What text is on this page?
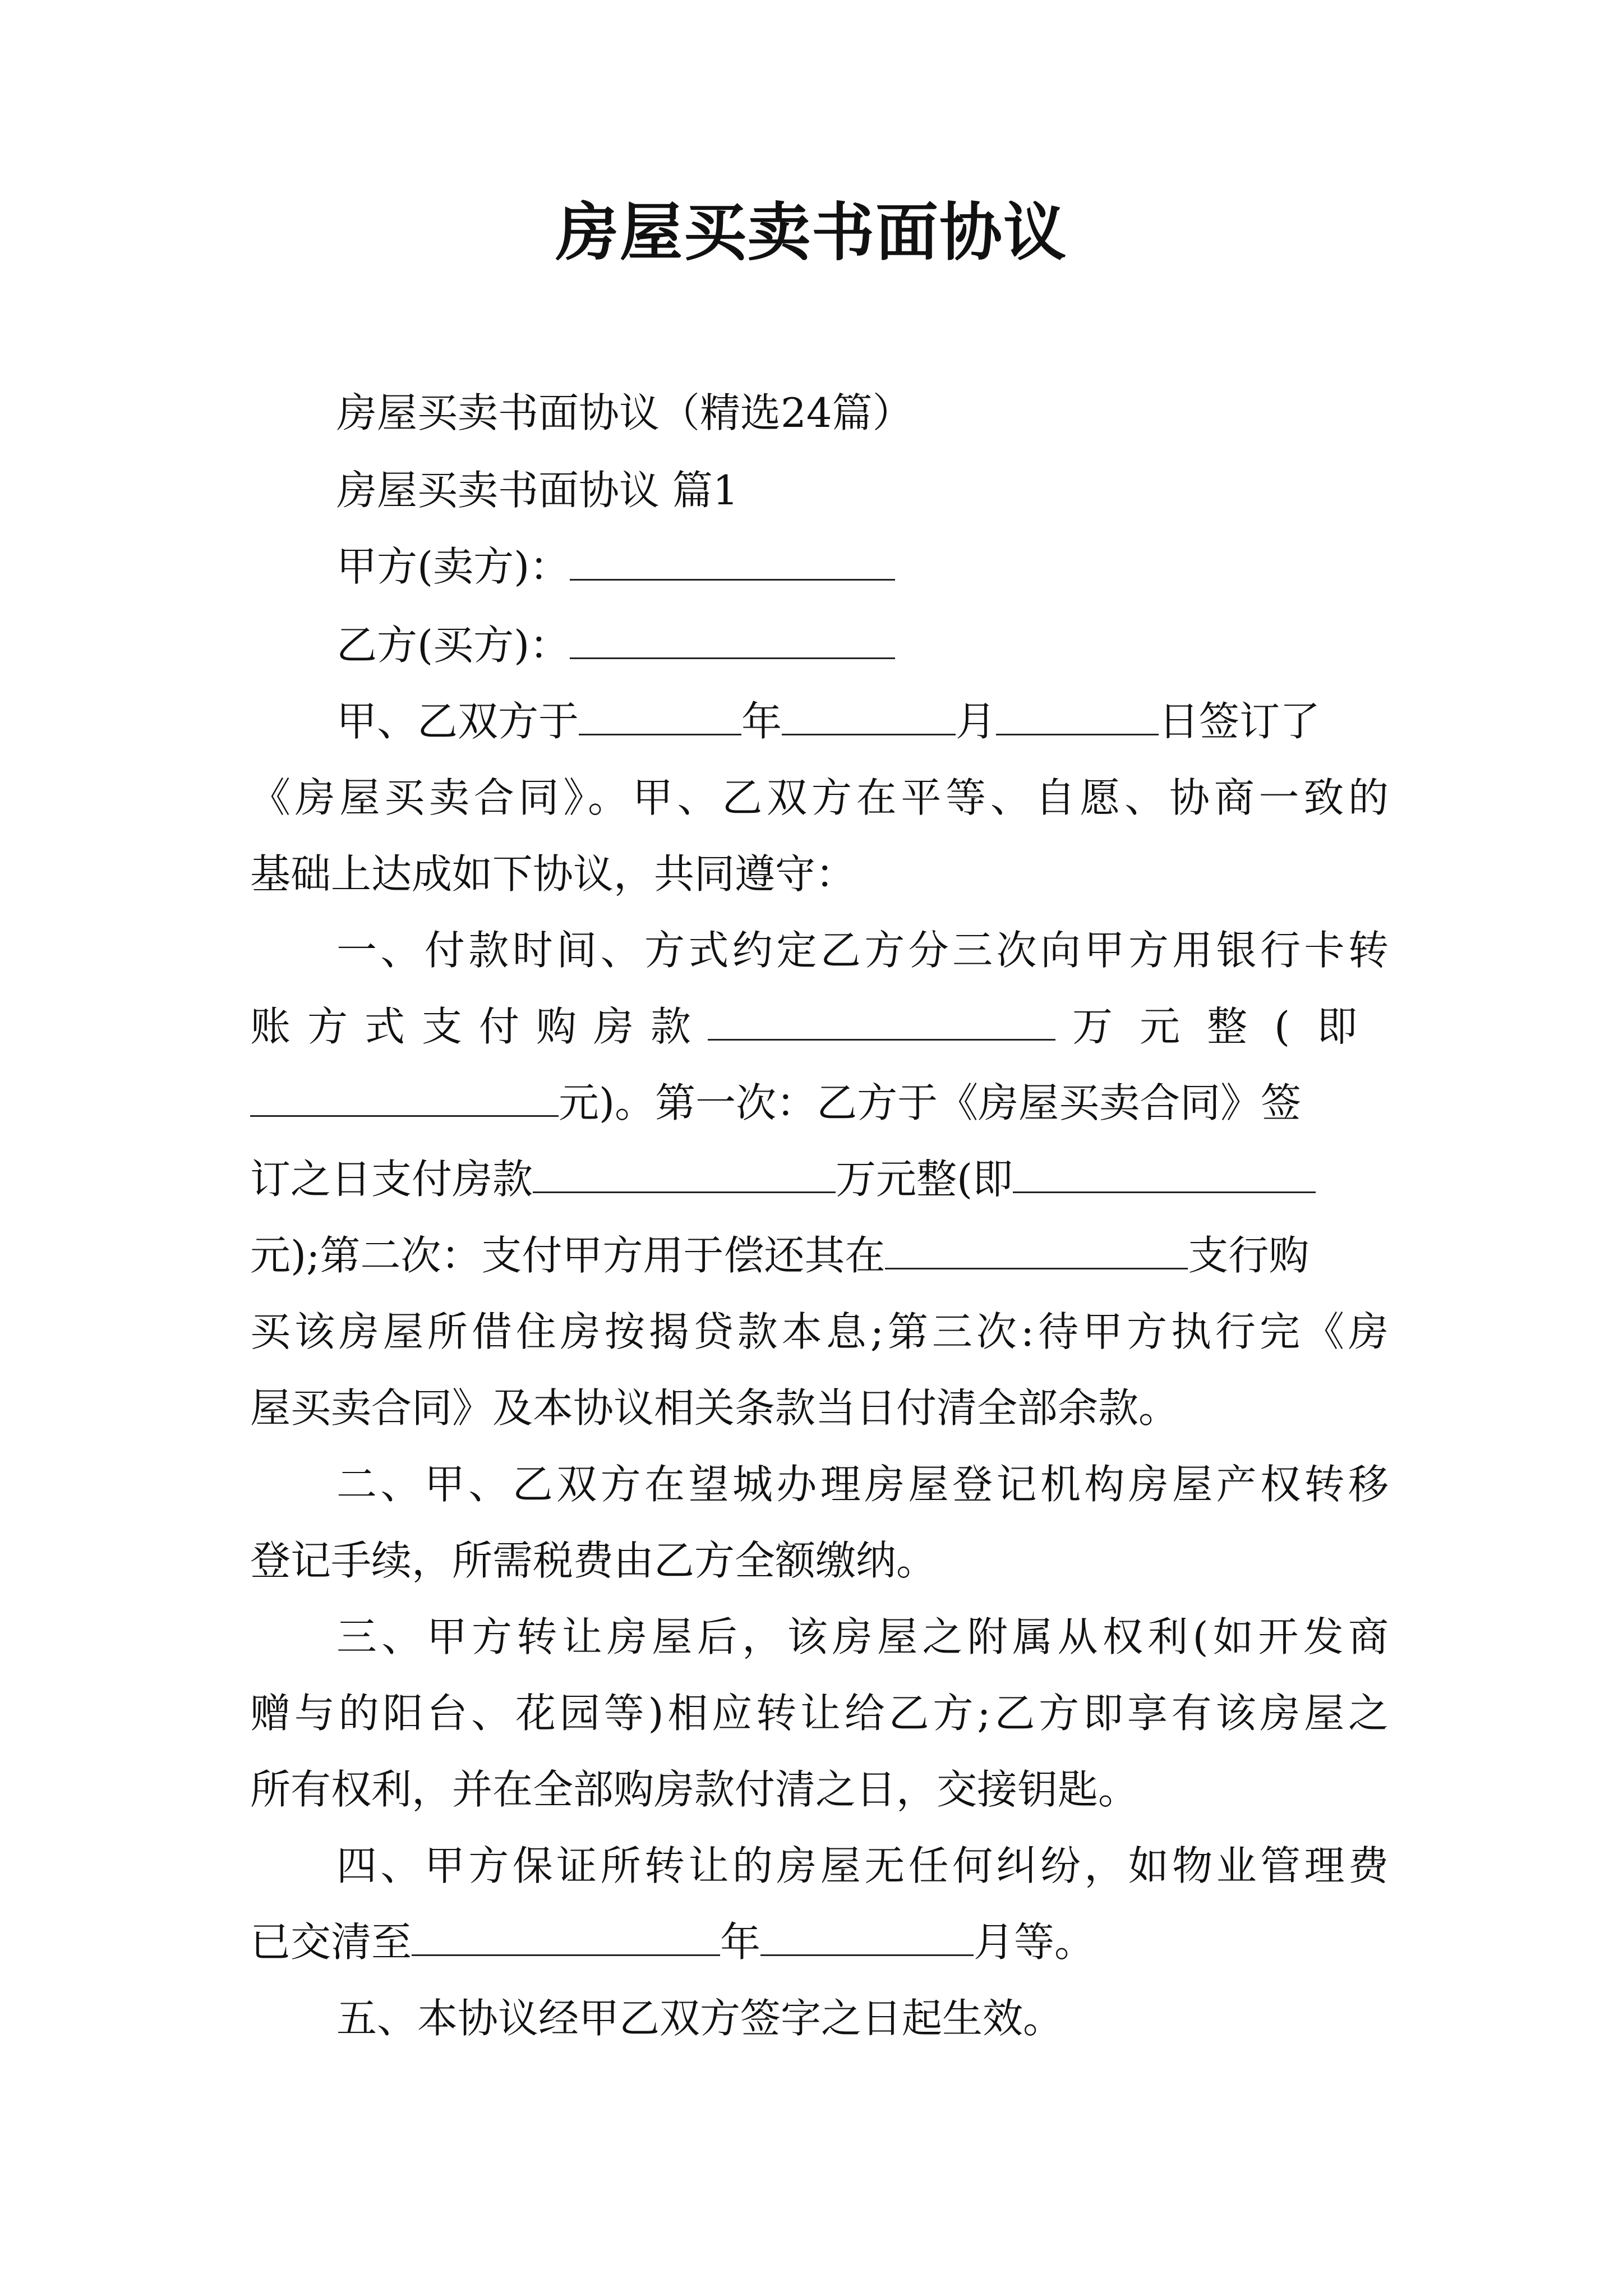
房屋买卖书面协议
房屋买卖书面协议（精选24篇）
房屋买卖书面协议 篇1
甲方(卖方)：
乙方(买方)：
甲、乙双方于	年	月	日签订了
《房屋买卖合同》。甲、乙双方在平等、自愿、协商一致的
基础上达成如下协议，共同遵守：
一、付款时间、方式约定乙方分三次向甲方用银行卡转
账方式支付购房款	万元整(即
元)。第一次：乙方于《房屋买卖合同》签
订之日支付房款	万元整(即
元);第二次：支付甲方用于偿还其在	支行购
买该房屋所借住房按揭贷款本息;第三次:待甲方执行完《房
屋买卖合同》及本协议相关条款当日付清全部余款。
二、甲、乙双方在望城办理房屋登记机构房屋产权转移
登记手续，所需税费由乙方全额缴纳。
三、甲方转让房屋后，该房屋之附属从权利(如开发商
赠与的阳台、花园等)相应转让给乙方;乙方即享有该房屋之
所有权利，并在全部购房款付清之日，交接钥匙。
四、甲方保证所转让的房屋无任何纠纷，如物业管理费
已交清至	年	月等。
五、本协议经甲乙双方签字之日起生效。
